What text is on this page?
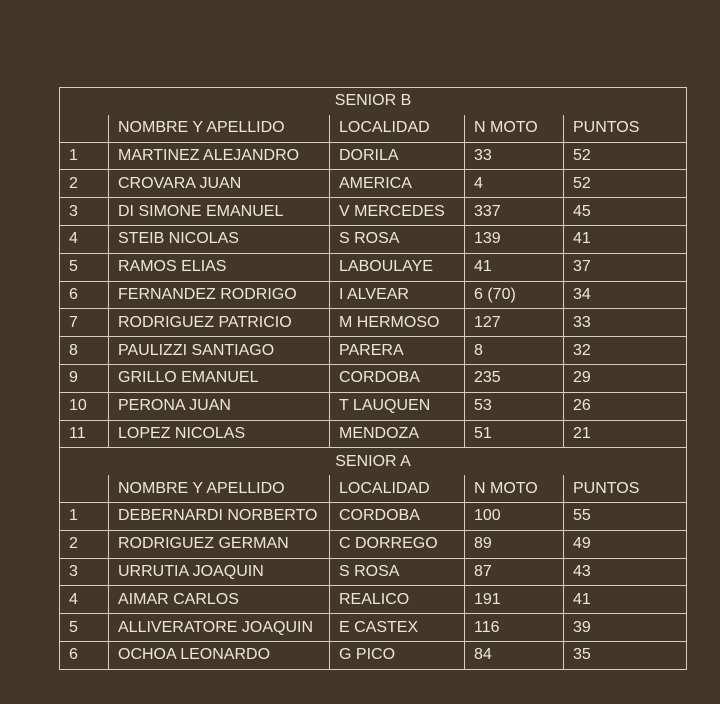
SENIOR B				
	NOMBRE Y APELLIDO	LOCALIDAD	N MOTO	PUNTOS
1	MARTINEZ ALEJANDRO	DORILA	33	52
2	CROVARA JUAN	AMERICA	4	52
3	DI SIMONE EMANUEL	V MERCEDES	337	45
4	STEIB NICOLAS	S ROSA	139	41
5	RAMOS ELIAS	LABOULAYE	41	37
6	FERNANDEZ RODRIGO	I ALVEAR	6 (70)	34
7	RODRIGUEZ PATRICIO	M HERMOSO	127	33
8	PAULIZZI SANTIAGO	PARERA	8	32
9	GRILLO EMANUEL	CORDOBA	235	29
10	PERONA JUAN	T LAUQUEN	53	26
11	LOPEZ NICOLAS	MENDOZA	51	21
SENIOR A				
	NOMBRE Y APELLIDO	LOCALIDAD	N MOTO	PUNTOS
1	DEBERNARDI NORBERTO	CORDOBA	100	55
2	RODRIGUEZ GERMAN	C DORREGO	89	49
3	URRUTIA JOAQUIN	S ROSA	87	43
4	AIMAR CARLOS	REALICO	191	41
5	ALLIVERATORE JOAQUIN	E CASTEX	116	39
6	OCHOA LEONARDO	G PICO	84	35
